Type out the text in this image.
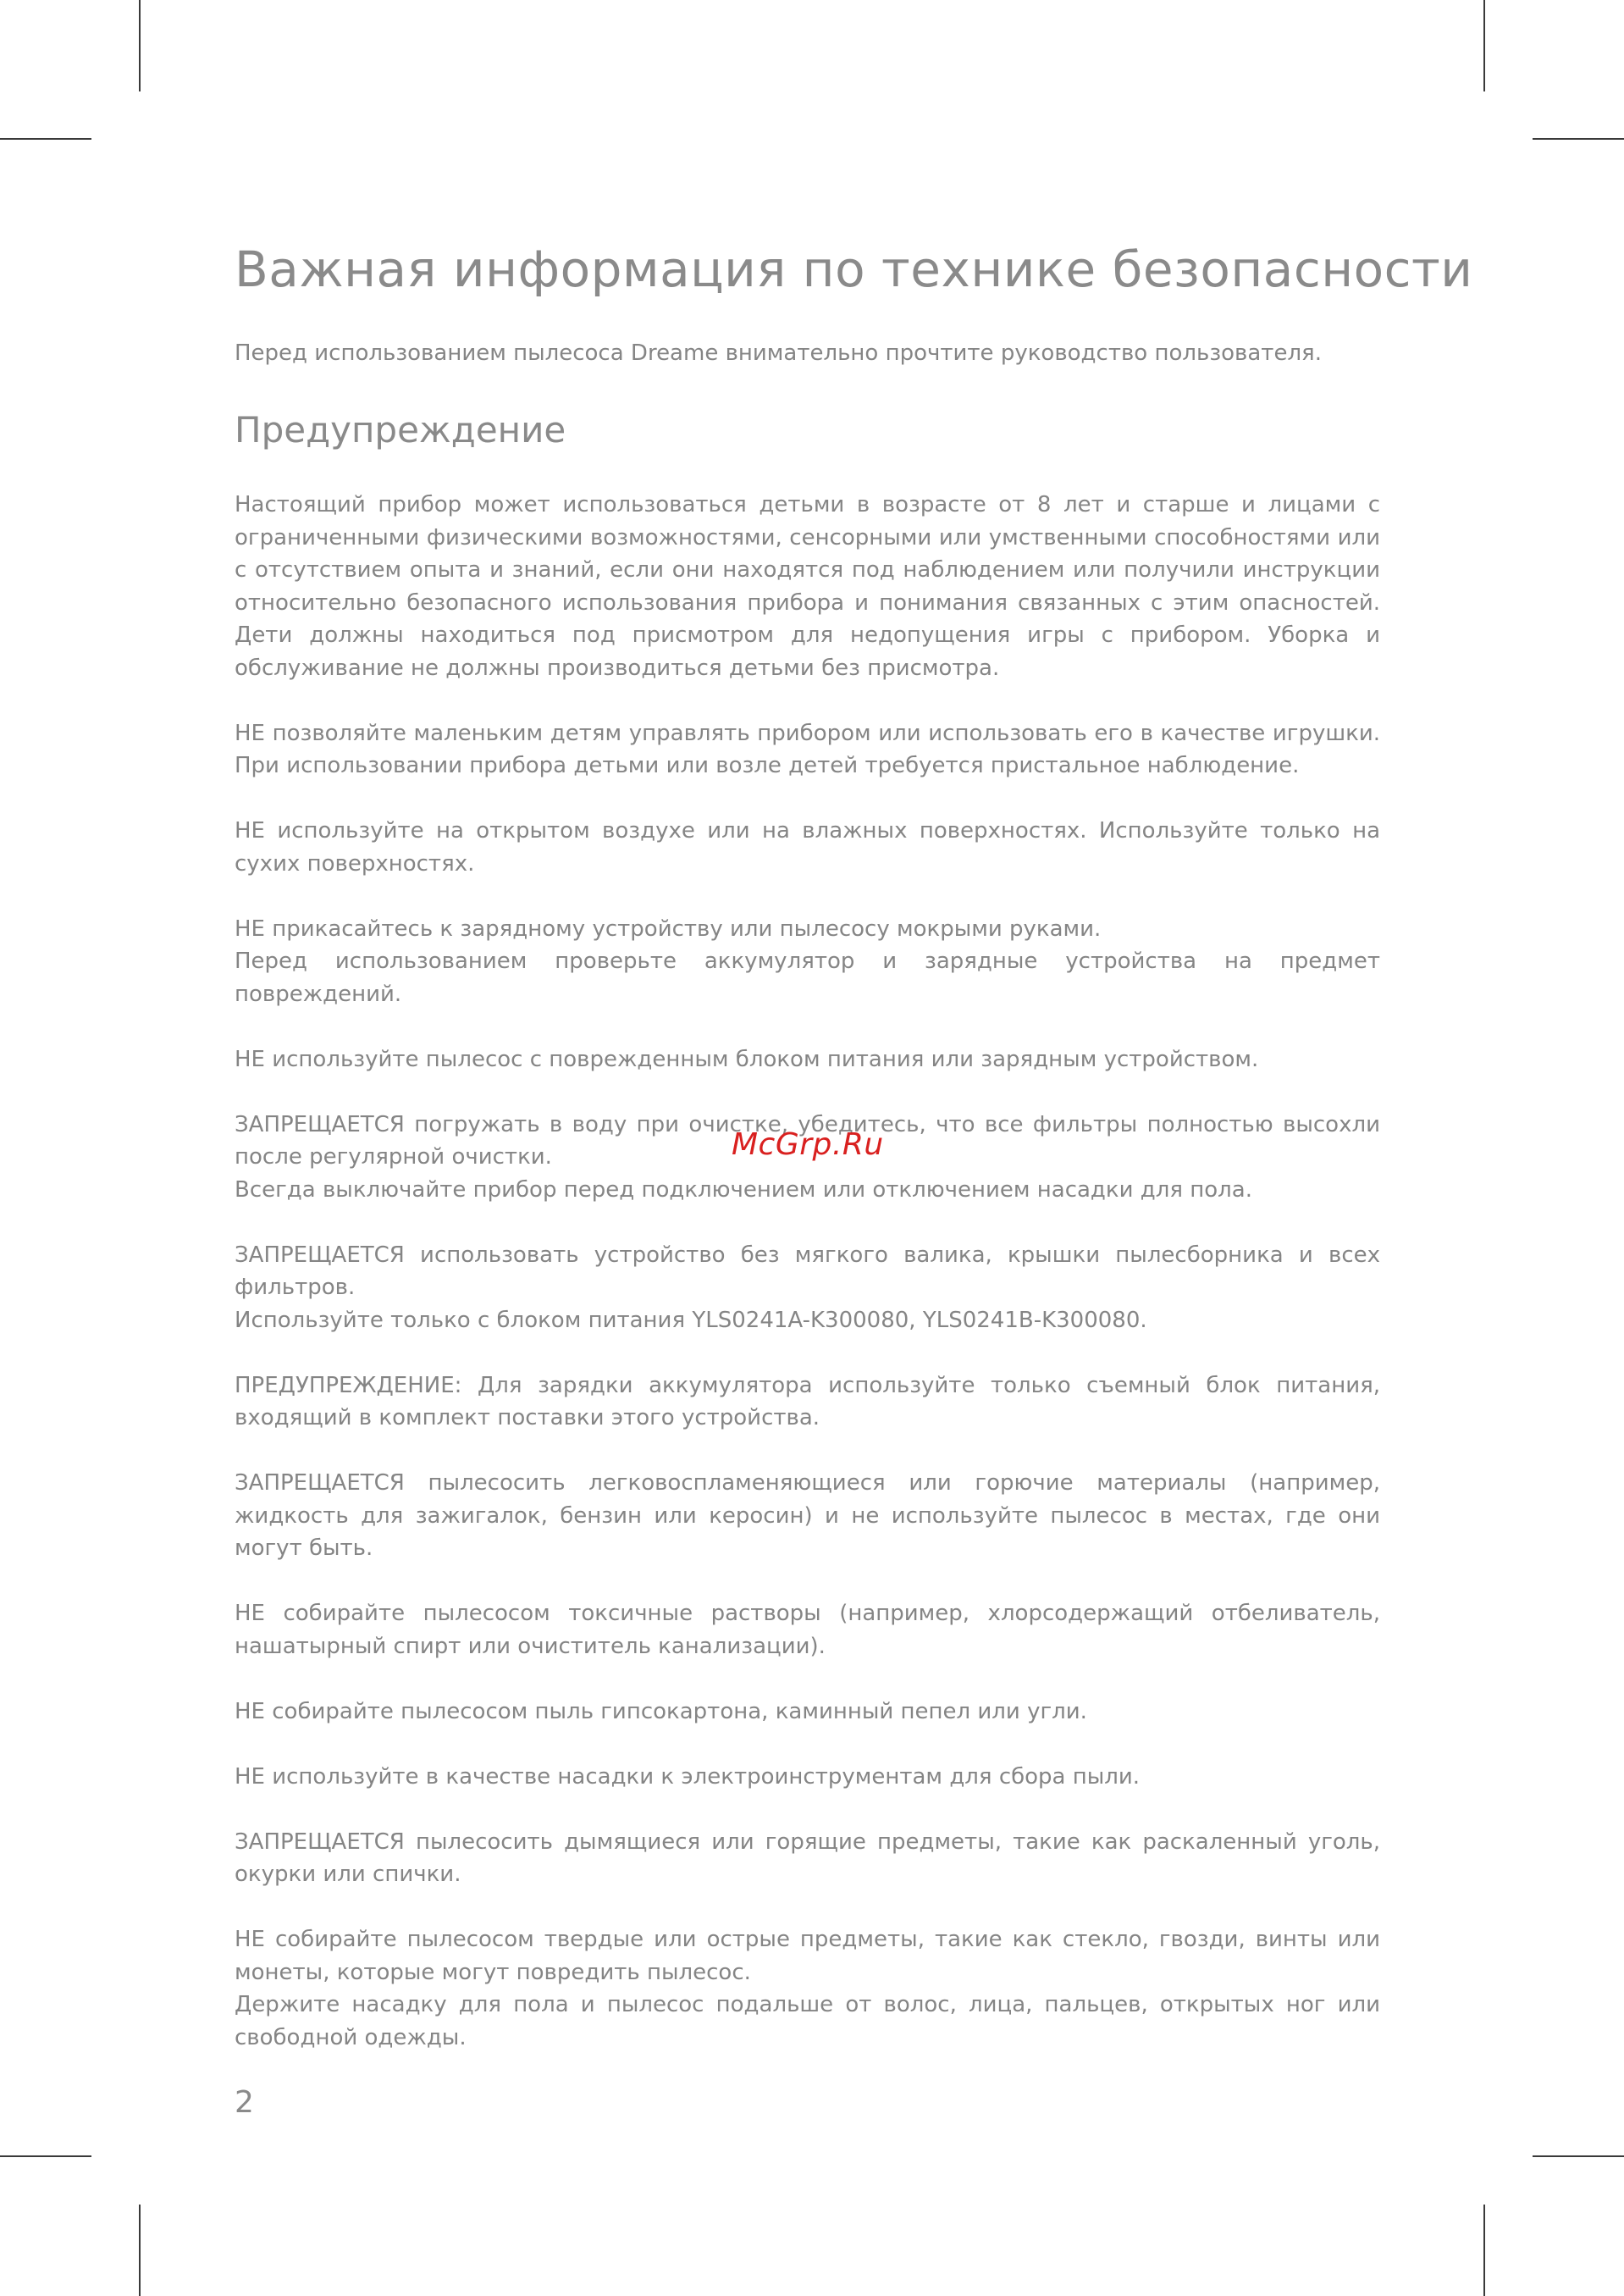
Важная информация по технике безопасности
Перед использованием пылесоса Dreame внимательно прочтите руководство пользователя.
Предупреждение

Настоящий прибор может использоваться детьми в возрасте от 8 лет и старше и лицами с ограниченными физическими возможностями, сенсорными или умственными способностями или с отсутствием опыта и знаний, если они находятся под наблюдением или получили инструкции относительно безопасного использования прибора и понимания связанных с этим опасностей. Дети должны находиться под присмотром для недопущения игры с прибором. Уборка и обслуживание не должны производиться детьми без присмотра.

НЕ позволяйте маленьким детям управлять прибором или использовать его в качестве игрушки. При использовании прибора детьми или возле детей требуется пристальное наблюдение.

НЕ используйте на открытом воздухе или на влажных поверхностях. Используйте только на сухих поверхностях.

НЕ прикасайтесь к зарядному устройству или пылесосу мокрыми руками.
Перед использованием проверьте аккумулятор и зарядные устройства на предмет повреждений.

НЕ используйте пылесос с поврежденным блоком питания или зарядным устройством.

ЗАПРЕЩАЕТСЯ погружать в воду при очистке, убедитесь, что все фильтры полностью высохли после регулярной очистки.
Всегда выключайте прибор перед подключением или отключением насадки для пола.

ЗАПРЕЩАЕТСЯ использовать устройство без мягкого валика, крышки пылесборника и всех фильтров.
Используйте только с блоком питания YLS0241A-K300080, YLS0241B-K300080.

ПРЕДУПРЕЖДЕНИЕ: Для зарядки аккумулятора используйте только съемный блок питания, входящий в комплект поставки этого устройства.

ЗАПРЕЩАЕТСЯ пылесосить легковоспламеняющиеся или горючие материалы (например, жидкость для зажигалок, бензин или керосин) и не используйте пылесос в местах, где они могут быть.

НЕ собирайте пылесосом токсичные растворы (например, хлорсодержащий отбеливатель, нашатырный спирт или очиститель канализации).

НЕ собирайте пылесосом пыль гипсокартона, каминный пепел или угли.

НЕ используйте в качестве насадки к электроинструментам для сбора пыли.

ЗАПРЕЩАЕТСЯ пылесосить дымящиеся или горящие предметы, такие как раскаленный уголь, окурки или спички.

НЕ собирайте пылесосом твердые или острые предметы, такие как стекло, гвозди, винты или монеты, которые могут повредить пылесос.
Держите насадку для пола и пылесос подальше от волос, лица, пальцев, открытых ног или свободной одежды.

McGrp.Ru
2
